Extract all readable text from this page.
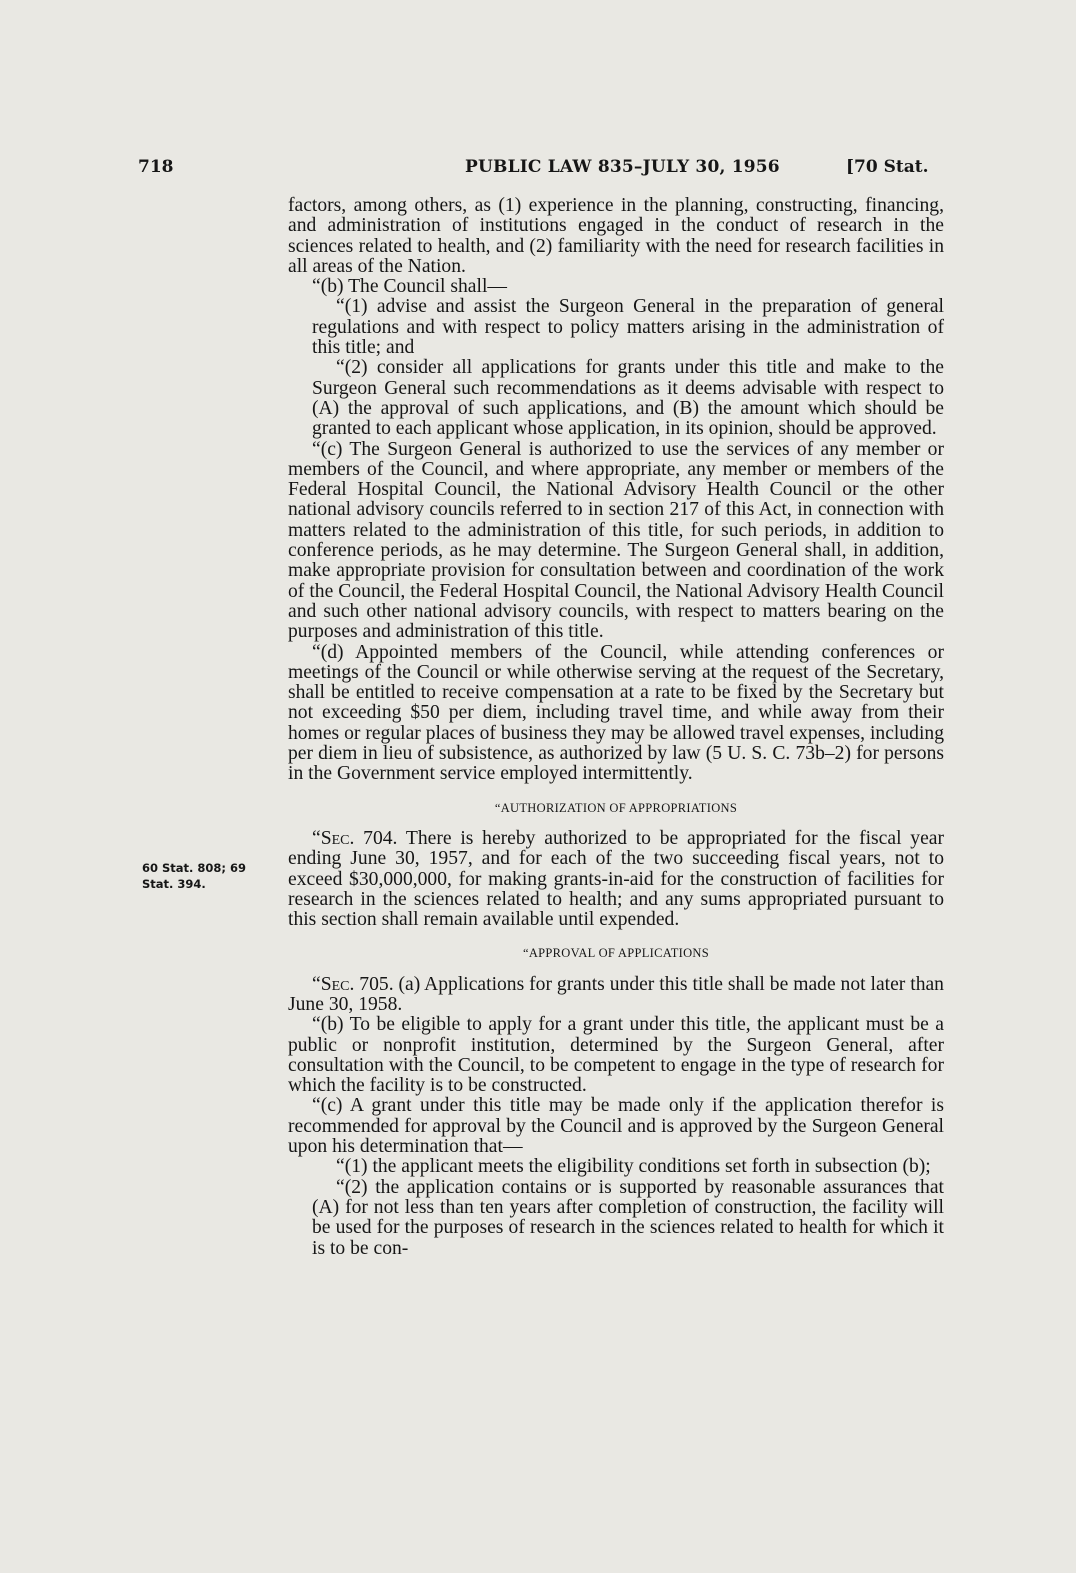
718	PUBLIC LAW 835–JULY 30, 1956	[70 Stat.
60 Stat. 808; 69
Stat. 394.

factors, among others, as (1) experience in the planning, constructing, financing, and administration of institutions engaged in the conduct of research in the sciences related to health, and (2) familiarity with the need for research facilities in all areas of the Nation.

“(b) The Council shall—

“(1) advise and assist the Surgeon General in the preparation of general regulations and with respect to policy matters arising in the administration of this title; and

“(2) consider all applications for grants under this title and make to the Surgeon General such recommendations as it deems advisable with respect to (A) the approval of such applications, and (B) the amount which should be granted to each applicant whose application, in its opinion, should be approved.

“(c) The Surgeon General is authorized to use the services of any member or members of the Council, and where appropriate, any member or members of the Federal Hospital Council, the National Advisory Health Council or the other national advisory councils referred to in section 217 of this Act, in connection with matters related to the administration of this title, for such periods, in addition to conference periods, as he may determine. The Surgeon General shall, in addition, make appropriate provision for consultation between and coordination of the work of the Council, the Federal Hospital Council, the National Advisory Health Council and such other national advisory councils, with respect to matters bearing on the purposes and administration of this title.

“(d) Appointed members of the Council, while attending conferences or meetings of the Council or while otherwise serving at the request of the Secretary, shall be entitled to receive compensation at a rate to be fixed by the Secretary but not exceeding $50 per diem, including travel time, and while away from their homes or regular places of business they may be allowed travel expenses, including per diem in lieu of subsistence, as authorized by law (5 U. S. C. 73b–2) for persons in the Government service employed intermittently.

“AUTHORIZATION OF APPROPRIATIONS

“Sec. 704. There is hereby authorized to be appropriated for the fiscal year ending June 30, 1957, and for each of the two succeeding fiscal years, not to exceed $30,000,000, for making grants-in-aid for the construction of facilities for research in the sciences related to health; and any sums appropriated pursuant to this section shall remain available until expended.

“APPROVAL OF APPLICATIONS

“Sec. 705. (a) Applications for grants under this title shall be made not later than June 30, 1958.

“(b) To be eligible to apply for a grant under this title, the applicant must be a public or nonprofit institution, determined by the Surgeon General, after consultation with the Council, to be competent to engage in the type of research for which the facility is to be constructed.

“(c) A grant under this title may be made only if the application therefor is recommended for approval by the Council and is approved by the Surgeon General upon his determination that—

“(1) the applicant meets the eligibility conditions set forth in subsection (b);

“(2) the application contains or is supported by reasonable assurances that (A) for not less than ten years after completion of construction, the facility will be used for the purposes of research in the sciences related to health for which it is to be con-
